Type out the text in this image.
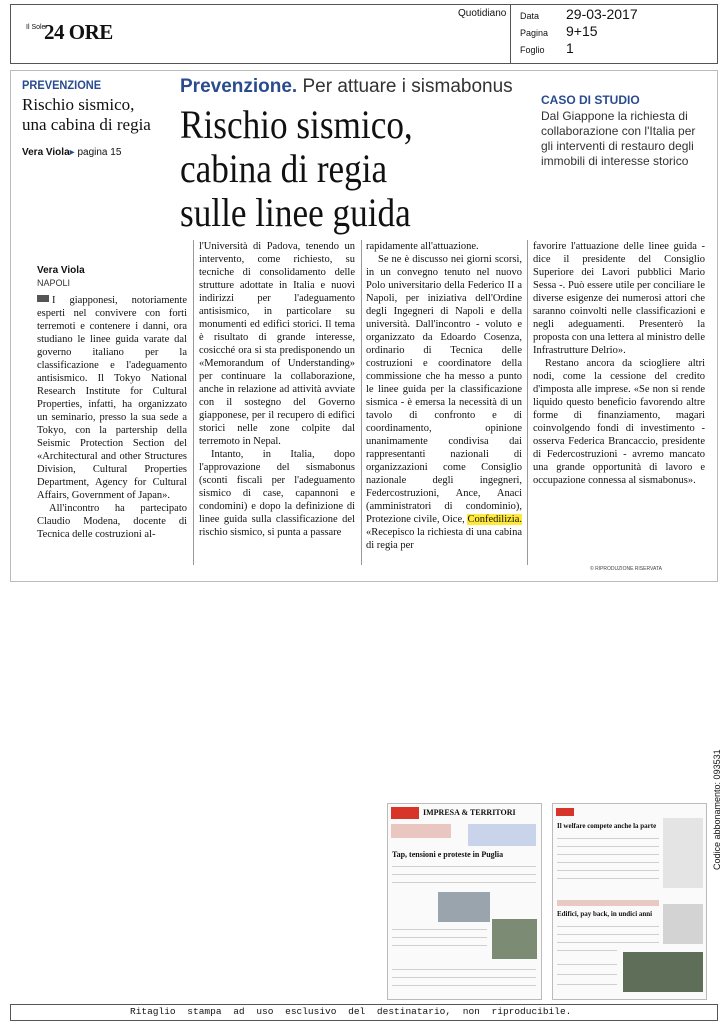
Il Sole
24 ORE
Quotidiano Data 29-03-2017
Pagina 9+15
Foglio 1
PREVENZIONE
Rischio sismico,
una cabina di regia
Vera Viola▸ pagina 15
Prevenzione. Per attuare i sismabonus
Rischio sismico,
cabina di regia
sulle linee guida
CASO DI STUDIO
Dal Giappone la richiesta di collaborazione con l'Italia per gli interventi di restauro degli immobili di interesse storico
Vera Viola
NAPOLI

I giapponesi, notoriamente esperti nel convivere con forti terremoti e contenere i danni, ora studiano le linee guida varate dal governo italiano per la classificazione e l'adeguamento antisismico. Il Tokyo National Research Institute for Cultural Properties, infatti, ha organizzato un seminario, presso la sua sede a Tokyo, con la partership della Seismic Protection Section del «Architectural and other Structures Division, Cultural Properties Department, Agency for Cultural Affairs, Government of Japan».

All'incontro ha partecipato Claudio Modena, docente di Tecnica delle costruzioni al-

l'Università di Padova, tenendo un intervento, come richiesto, su tecniche di consolidamento delle strutture adottate in Italia e nuovi indirizzi per l'adeguamento antisismico, in particolare su monumenti ed edifici storici. Il tema è risultato di grande interesse, cosicché ora si sta predisponendo un «Memorandum of Understanding» per continuare la collaborazione, anche in relazione ad attività avviate con il sostegno del Governo giapponese, per il recupero di edifici storici nelle zone colpite dal terremoto in Nepal.

Intanto, in Italia, dopo l'approvazione del sismabonus (sconti fiscali per l'adeguamento sismico di case, capannoni e condomini) e dopo la definizione di linee guida sulla classificazione del rischio sismico, si punta a passare

rapidamente all'attuazione.

Se ne è discusso nei giorni scorsi, in un convegno tenuto nel nuovo Polo universitario della Federico II a Napoli, per iniziativa dell'Ordine degli Ingegneri di Napoli e della università. Dall'incontro - voluto e organizzato da Edoardo Cosenza, ordinario di Tecnica delle costruzioni e coordinatore della commissione che ha messo a punto le linee guida per la classificazione sismica - è emersa la necessità di un tavolo di confronto e di coordinamento, opinione unanimamente condivisa dai rappresentanti nazionali di organizzazioni come Consiglio nazionale degli ingegneri, Federcostruzioni, Ance, Anaci (amministratori di condominio), Protezione civile, Oice, Confedilizia. «Recepisco la richiesta di una cabina di regia per

favorire l'attuazione delle linee guida - dice il presidente del Consiglio Superiore dei Lavori pubblici Mario Sessa -. Può essere utile per conciliare le diverse esigenze dei numerosi attori che saranno coinvolti nelle classificazioni e negli adeguamenti. Presenterò la proposta con una lettera al ministro delle Infrastrutture Delrio».

Restano ancora da sciogliere altri nodi, come la cessione del credito d'imposta alle imprese. «Se non si rende liquido questo beneficio favorendo altre forme di finanziamento, magari coinvolgendo fondi di investimento - osserva Federica Brancaccio, presidente di Federcostruzioni - avremo mancato una grande opportunità di lavoro e occupazione connessa al sismabonus».

© RIPRODUZIONE RISERVATA
IMPRESA & TERRITORI
Tap, tensioni e proteste in Puglia
Il welfare compete anche la parte
Edifici, pay back, in undici anni
Codice abbonamento: 093531
Ritaglio stampa ad uso esclusivo del destinatario, non riproducibile.
